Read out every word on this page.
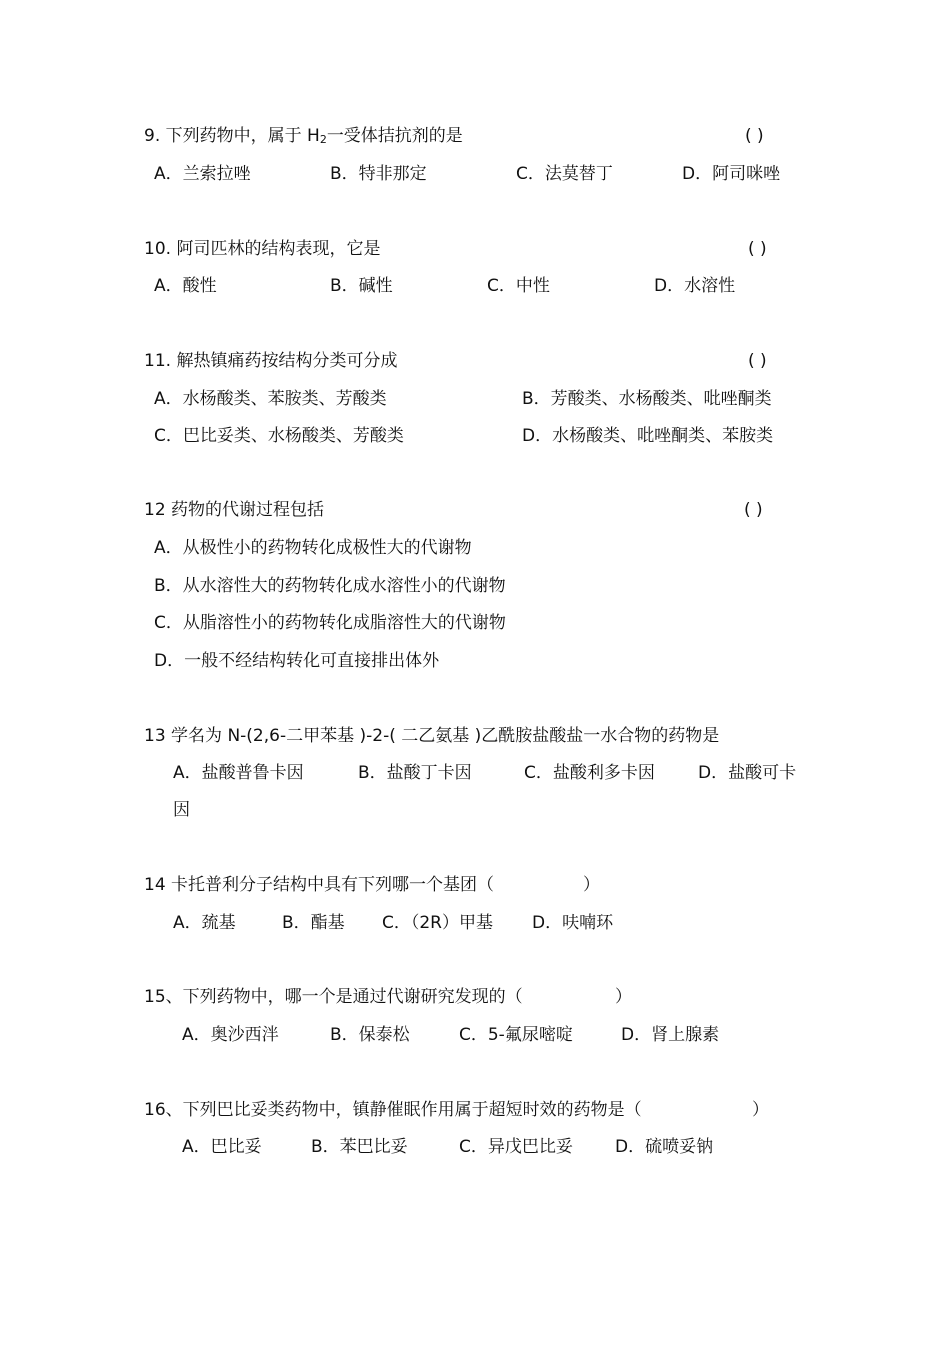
9. 下列药物中，属于 H2一受体拮抗剂的是	( )
A．兰索拉唑	B．特非那定	C．法莫替丁	D．阿司咪唑
10. 阿司匹林的结构表现，它是	( )
A．酸性	B．碱性	C．中性	D．水溶性
11. 解热镇痛药按结构分类可分成	( )
A．水杨酸类、苯胺类、芳酸类	B．芳酸类、水杨酸类、吡唑酮类
C．巴比妥类、水杨酸类、芳酸类	D．水杨酸类、吡唑酮类、苯胺类
12 药物的代谢过程包括	( )
A．从极性小的药物转化成极性大的代谢物
B．从水溶性大的药物转化成水溶性小的代谢物
C．从脂溶性小的药物转化成脂溶性大的代谢物
D．一般不经结构转化可直接排出体外
13 学名为 N-(2,6-二甲苯基 )-2-( 二乙氨基 )乙酰胺盐酸盐一水合物的药物是
A．盐酸普鲁卡因	B．盐酸丁卡因	C．盐酸利多卡因	D．盐酸可卡
因
14 卡托普利分子结构中具有下列哪一个基团（	）
A．巯基	B．酯基 C．（2R）甲基 D．呋喃环
15、下列药物中，哪一个是通过代谢研究发现的（	）
A．奥沙西泮	B．保泰松	C．5-氟尿嘧啶	D．肾上腺素
16、下列巴比妥类药物中，镇静催眠作用属于超短时效的药物是（	）
A．巴比妥	B．苯巴比妥	C．异戊巴比妥 D．硫喷妥钠
